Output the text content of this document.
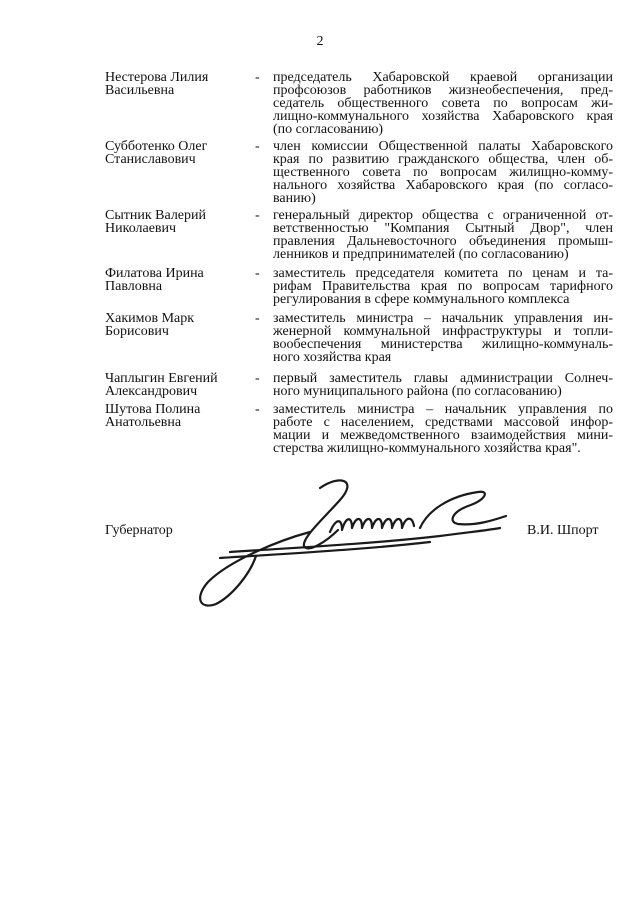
2
Нестерова Лилия
Васильевна
- председатель Хабаровской краевой организации
профсоюзов работников жизнеобеспечения, пред-
седатель общественного совета по вопросам жи-
лищно-коммунального хозяйства Хабаровского края
(по согласованию)
Субботенко Олег
Станиславович
- член комиссии Общественной палаты Хабаровского
края по развитию гражданского общества, член об-
щественного совета по вопросам жилищно-комму-
нального хозяйства Хабаровского края (по согласо-
ванию)
Сытник Валерий
Николаевич
- генеральный директор общества с ограниченной от-
ветственностью "Компания Сытный Двор", член
правления Дальневосточного объединения промыш-
ленников и предпринимателей (по согласованию)
Филатова Ирина
Павловна
- заместитель председателя комитета по ценам и та-
рифам Правительства края по вопросам тарифного
регулирования в сфере коммунального комплекса
Хакимов Марк
Борисович
- заместитель министра – начальник управления ин-
женерной коммунальной инфраструктуры и топли-
вообеспечения министерства жилищно-коммуналь-
ного хозяйства края
Чаплыгин Евгений
Александрович
- первый заместитель главы администрации Солнеч-
ного муниципального района (по согласованию)
Шутова Полина
Анатольевна
- заместитель министра – начальник управления по
работе с населением, средствами массовой инфор-
мации и межведомственного взаимодействия мини-
стерства жилищно-коммунального хозяйства края".
Губернатор	В.И. Шпорт
